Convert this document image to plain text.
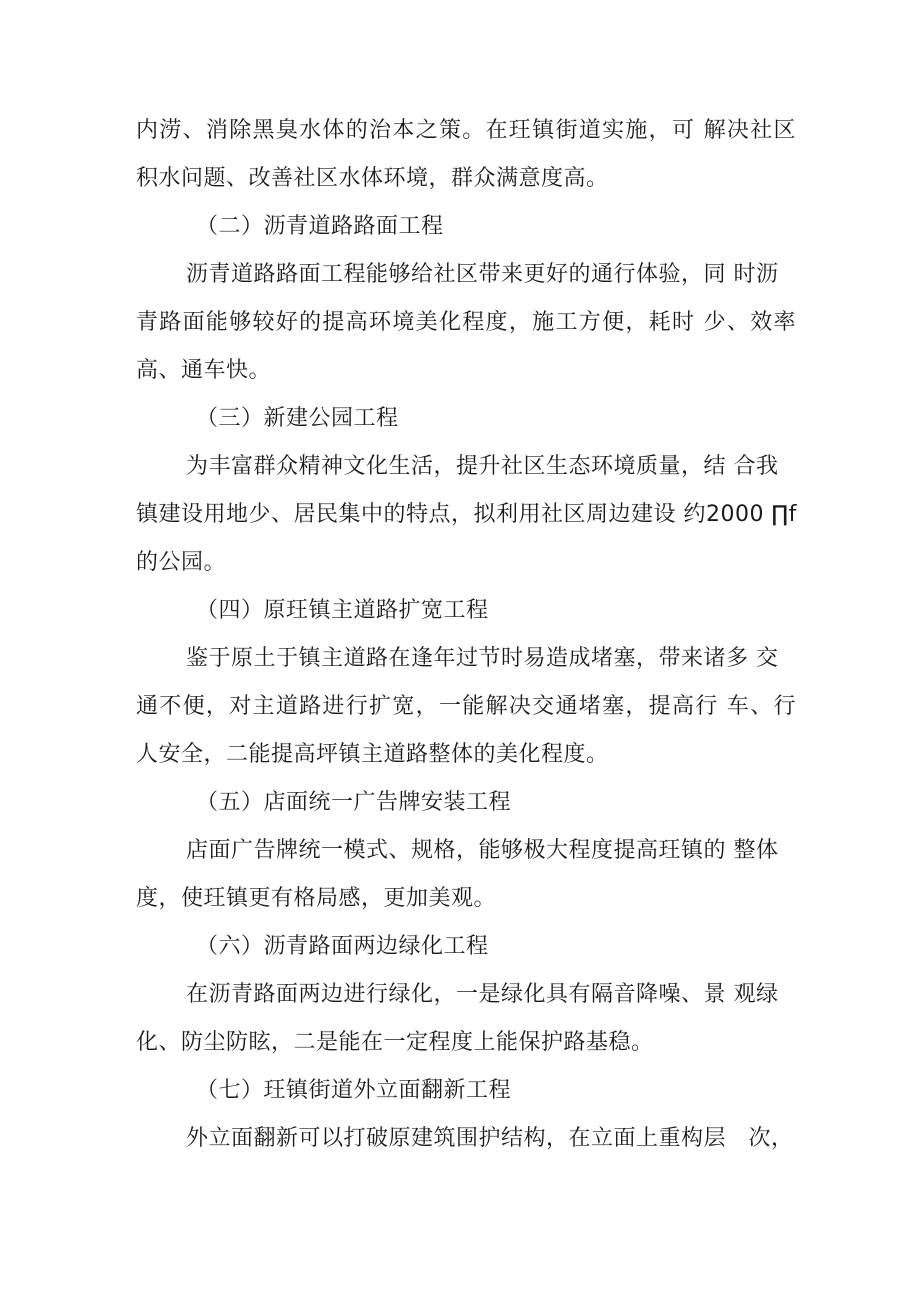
内涝、消除黑臭水体的治本之策。在玨镇街道实施，可 解决社区
积水问题、改善社区水体环境，群众满意度高。
（二）沥青道路路面工程
沥青道路路面工程能够给社区带来更好的通行体验，同 时沥
青路面能够较好的提高环境美化程度，施工方便，耗时 少、效率
高、通车快。
（三）新建公园工程
为丰富群众精神文化生活，提升社区生态环境质量，结 合我
镇建设用地少、居民集中的特点，拟利用社区周边建设 约2000 ∏f
的公园。
（四）原玨镇主道路扩宽工程
鉴于原土于镇主道路在逢年过节时易造成堵塞，带来诸多 交
通不便，对主道路进行扩宽，一能解决交通堵塞，提高行 车、行
人安全，二能提高坪镇主道路整体的美化程度。
（五）店面统一广告牌安装工程
店面广告牌统一模式、规格，能够极大程度提高玨镇的 整体
度，使玨镇更有格局感，更加美观。
（六）沥青路面两边绿化工程
在沥青路面两边进行绿化，一是绿化具有隔音降噪、景 观绿
化、防尘防眩，二是能在一定程度上能保护路基稳。
（七）玨镇街道外立面翻新工程
外立面翻新可以打破原建筑围护结构，在立面上重构层　次，
